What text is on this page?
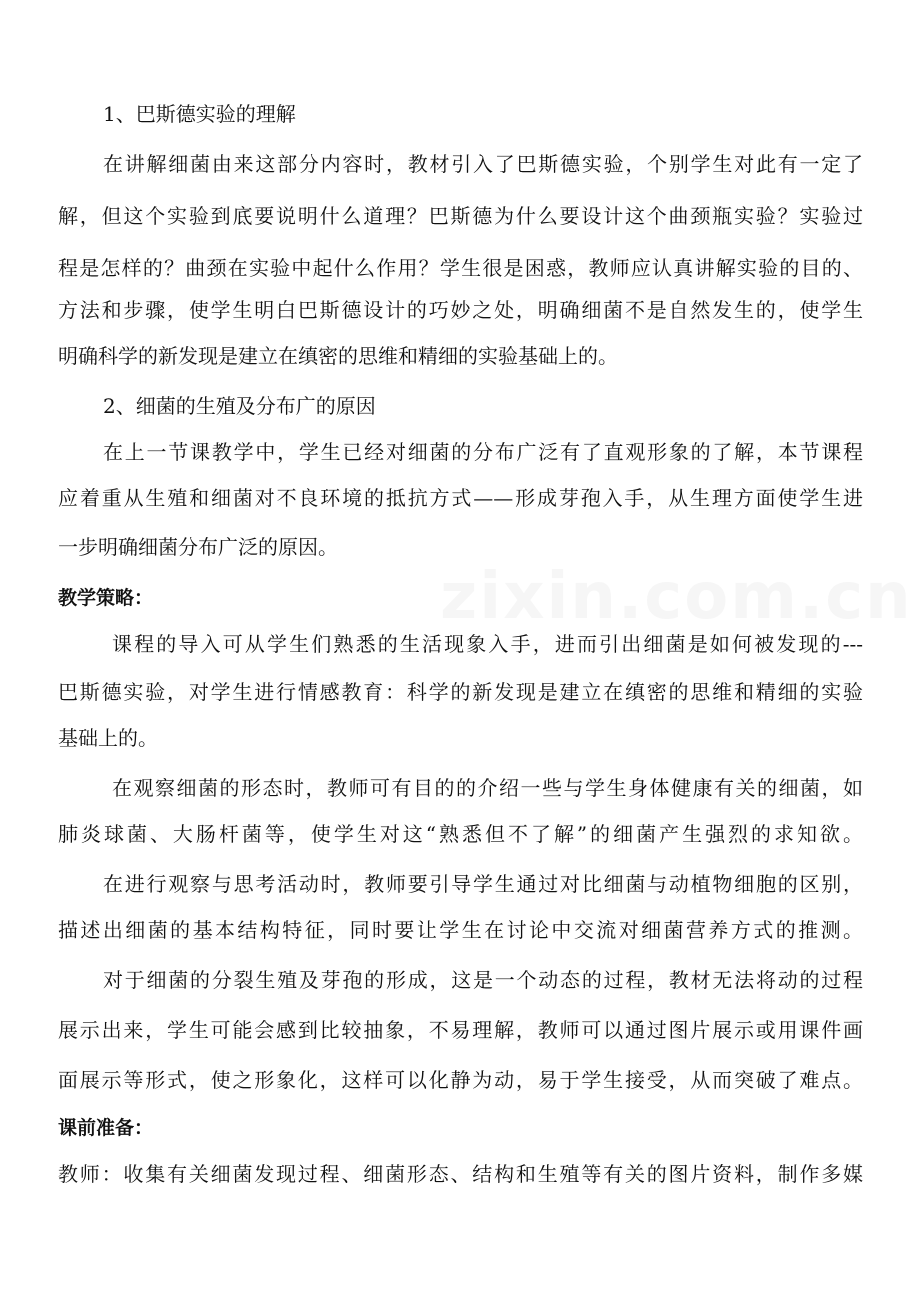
1、巴斯德实验的理解
在讲解细菌由来这部分内容时，教材引入了巴斯德实验，个别学生对此有一定了
解，但这个实验到底要说明什么道理？巴斯德为什么要设计这个曲颈瓶实验？实验过
程是怎样的？曲颈在实验中起什么作用？学生很是困惑，教师应认真讲解实验的目的、
方法和步骤，使学生明白巴斯德设计的巧妙之处，明确细菌不是自然发生的，使学生
明确科学的新发现是建立在缜密的思维和精细的实验基础上的。
2、细菌的生殖及分布广的原因
在上一节课教学中，学生已经对细菌的分布广泛有了直观形象的了解，本节课程
应着重从生殖和细菌对不良环境的抵抗方式——形成芽孢入手，从生理方面使学生进
一步明确细菌分布广泛的原因。
教学策略：
课程的导入可从学生们熟悉的生活现象入手，进而引出细菌是如何被发现的---
巴斯德实验，对学生进行情感教育：科学的新发现是建立在缜密的思维和精细的实验
基础上的。
在观察细菌的形态时，教师可有目的的介绍一些与学生身体健康有关的细菌，如
肺炎球菌、大肠杆菌等，使学生对这“熟悉但不了解”的细菌产生强烈的求知欲。
在进行观察与思考活动时，教师要引导学生通过对比细菌与动植物细胞的区别，
描述出细菌的基本结构特征，同时要让学生在讨论中交流对细菌营养方式的推测。
对于细菌的分裂生殖及芽孢的形成，这是一个动态的过程，教材无法将动的过程
展示出来，学生可能会感到比较抽象，不易理解，教师可以通过图片展示或用课件画
面展示等形式，使之形象化，这样可以化静为动，易于学生接受，从而突破了难点。
课前准备：
教师：收集有关细菌发现过程、细菌形态、结构和生殖等有关的图片资料，制作多媒
zixin.com.cn
